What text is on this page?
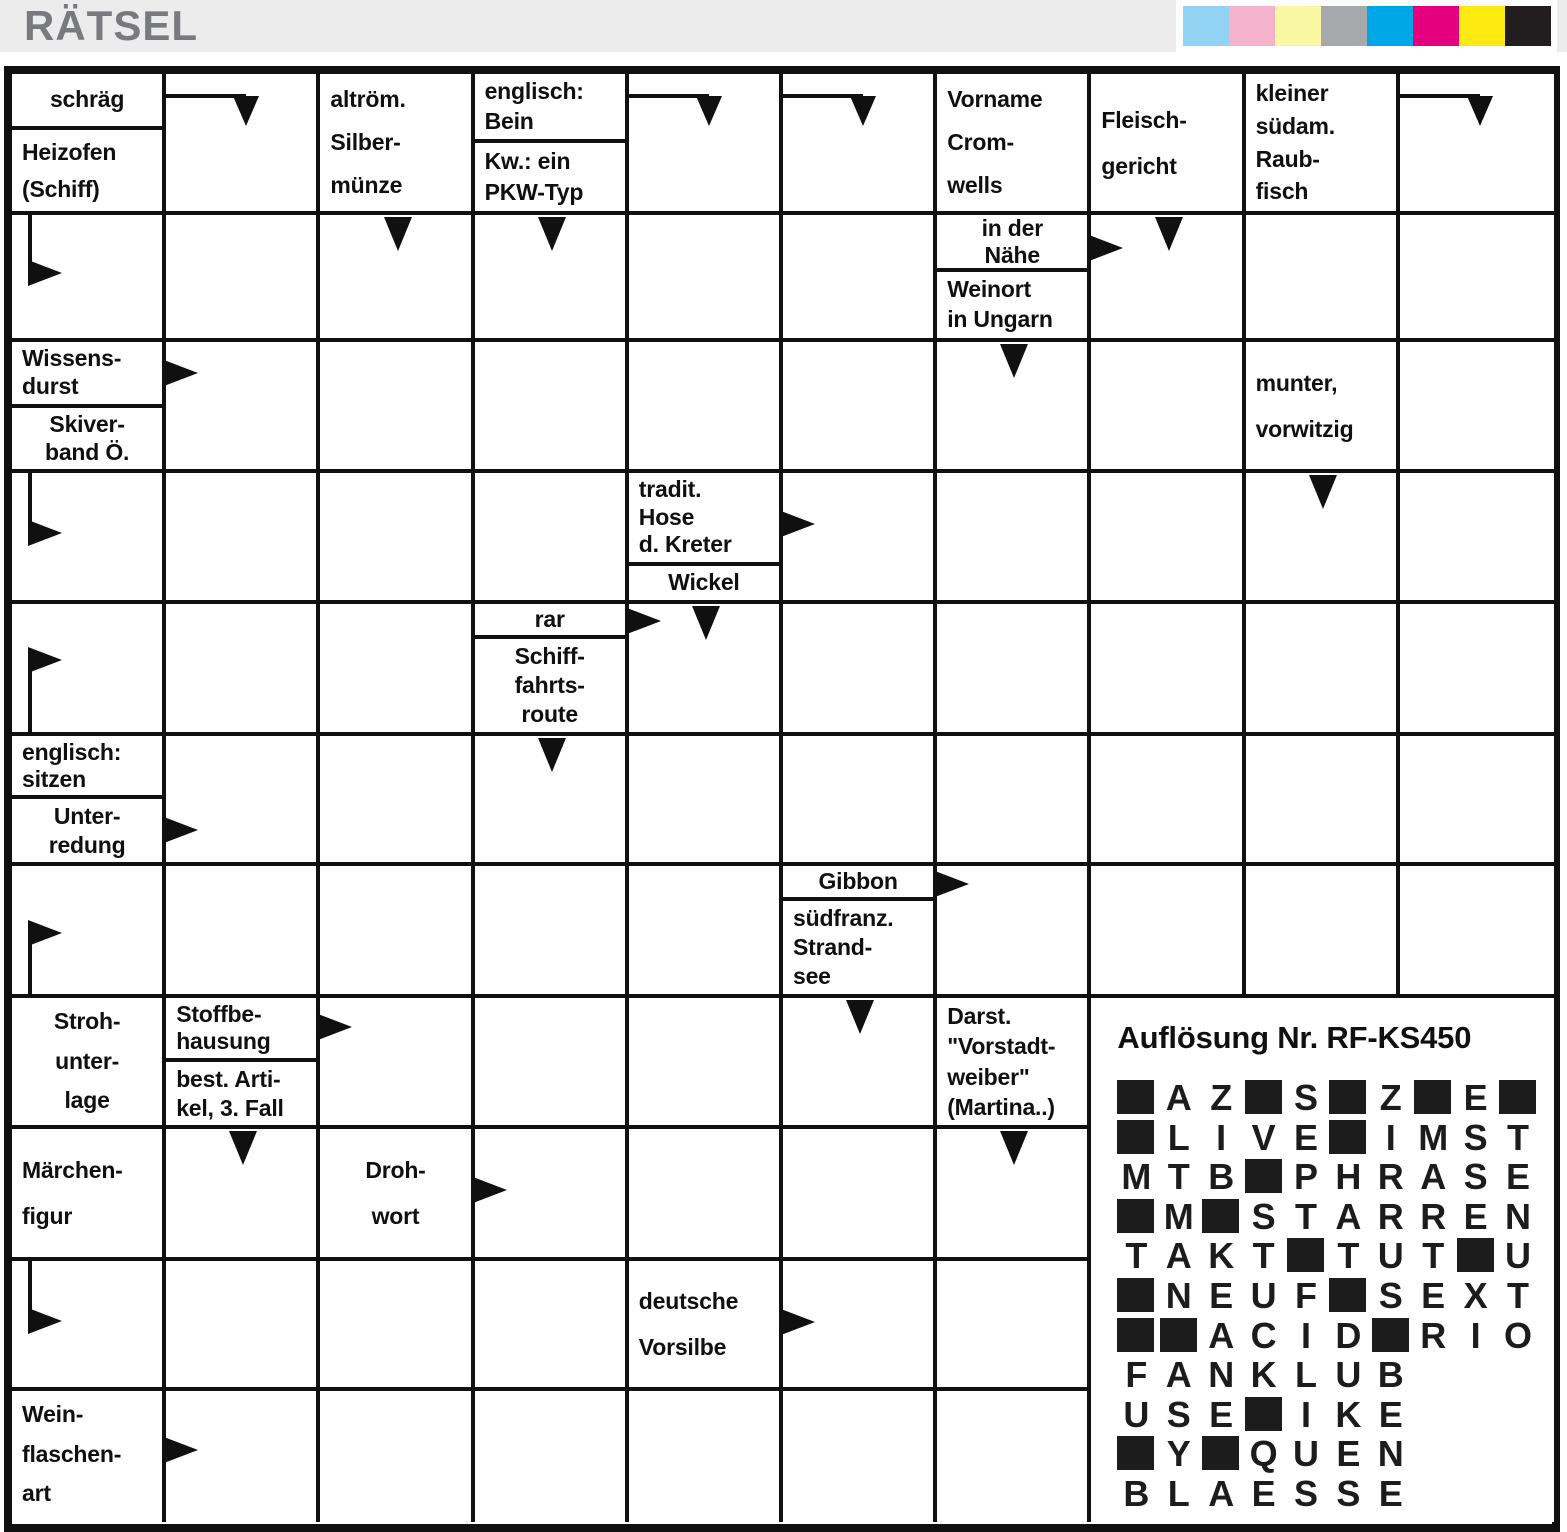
RÄTSEL
Auflösung Nr. RF-KS450
A Z S Z E
L I V E	I M S T
M T B P H R A S E
M S T A R R E N
T A K T T U T U
N E U F S E X T
A C I D R I O
F A N K L U B
U S E	I K E
Y Q U E N
B L A E S S E
schräg
Heizofen
(Schiff)
altröm.
Silber-
münze
englisch:
Bein
Kw.: ein
PKW-Typ
Vorname
Crom-
wells
Fleisch-
gericht
kleiner
südam.
Raub-
fisch
in der
Nähe
Weinort
in Ungarn
Wissens-
durst
Skiver-
band Ö.
munter,
vorwitzig
tradit.
Hose
d. Kreter
Wickel
rar
Schiff-
fahrts-
route
englisch:
sitzen
Unter-
redung
Gibbon
südfranz.
Strand-
see
Stroh-
unter-
lage
Stoffbe-
hausung
best. Arti-
kel, 3. Fall
Darst.
"Vorstadt-
weiber"
(Martina..)
Märchen-
figur
Droh-
wort
deutsche
Vorsilbe
Wein-
flaschen-
art
